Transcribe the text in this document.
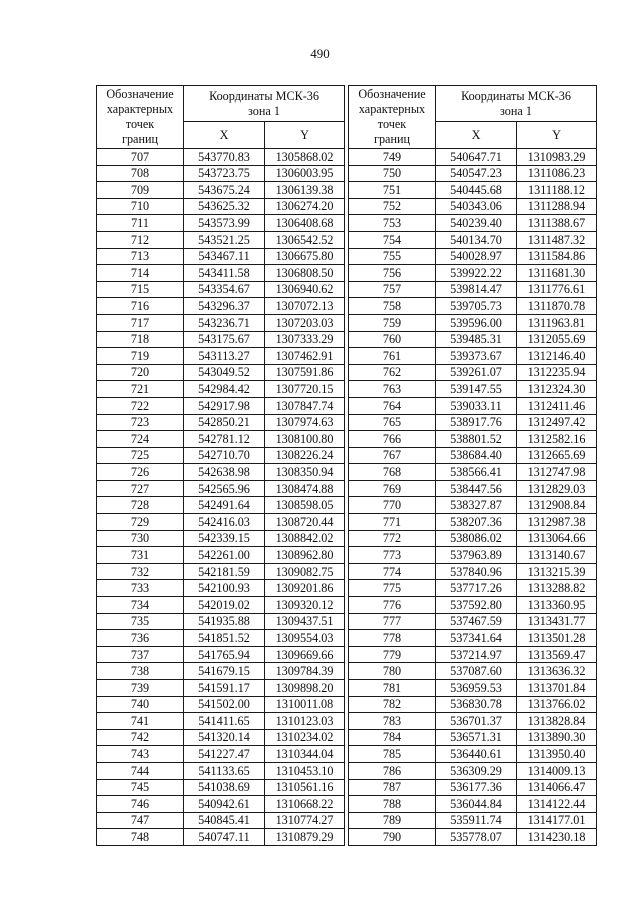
490
Обозначение
характерных
точек
границ	Координаты МСК-36
зона 1	

	X	Y
707	543770.83	1305868.02
708	543723.75	1306003.95
709	543675.24	1306139.38
710	543625.32	1306274.20
711	543573.99	1306408.68
712	543521.25	1306542.52
713	543467.11	1306675.80
714	543411.58	1306808.50
715	543354.67	1306940.62
716	543296.37	1307072.13
717	543236.71	1307203.03
718	543175.67	1307333.29
719	543113.27	1307462.91
720	543049.52	1307591.86
721	542984.42	1307720.15
722	542917.98	1307847.74
723	542850.21	1307974.63
724	542781.12	1308100.80
725	542710.70	1308226.24
726	542638.98	1308350.94
727	542565.96	1308474.88
728	542491.64	1308598.05
729	542416.03	1308720.44
730	542339.15	1308842.02
731	542261.00	1308962.80
732	542181.59	1309082.75
733	542100.93	1309201.86
734	542019.02	1309320.12
735	541935.88	1309437.51
736	541851.52	1309554.03
737	541765.94	1309669.66
738	541679.15	1309784.39
739	541591.17	1309898.20
740	541502.00	1310011.08
741	541411.65	1310123.03
742	541320.14	1310234.02
743	541227.47	1310344.04
744	541133.65	1310453.10
745	541038.69	1310561.16
746	540942.61	1310668.22
747	540845.41	1310774.27
748	540747.11	1310879.29
Обозначение
характерных
точек
границ	Координаты МСК-36
зона 1	

	X	Y
749	540647.71	1310983.29
750	540547.23	1311086.23
751	540445.68	1311188.12
752	540343.06	1311288.94
753	540239.40	1311388.67
754	540134.70	1311487.32
755	540028.97	1311584.86
756	539922.22	1311681.30
757	539814.47	1311776.61
758	539705.73	1311870.78
759	539596.00	1311963.81
760	539485.31	1312055.69
761	539373.67	1312146.40
762	539261.07	1312235.94
763	539147.55	1312324.30
764	539033.11	1312411.46
765	538917.76	1312497.42
766	538801.52	1312582.16
767	538684.40	1312665.69
768	538566.41	1312747.98
769	538447.56	1312829.03
770	538327.87	1312908.84
771	538207.36	1312987.38
772	538086.02	1313064.66
773	537963.89	1313140.67
774	537840.96	1313215.39
775	537717.26	1313288.82
776	537592.80	1313360.95
777	537467.59	1313431.77
778	537341.64	1313501.28
779	537214.97	1313569.47
780	537087.60	1313636.32
781	536959.53	1313701.84
782	536830.78	1313766.02
783	536701.37	1313828.84
784	536571.31	1313890.30
785	536440.61	1313950.40
786	536309.29	1314009.13
787	536177.36	1314066.47
788	536044.84	1314122.44
789	535911.74	1314177.01
790	535778.07	1314230.18
